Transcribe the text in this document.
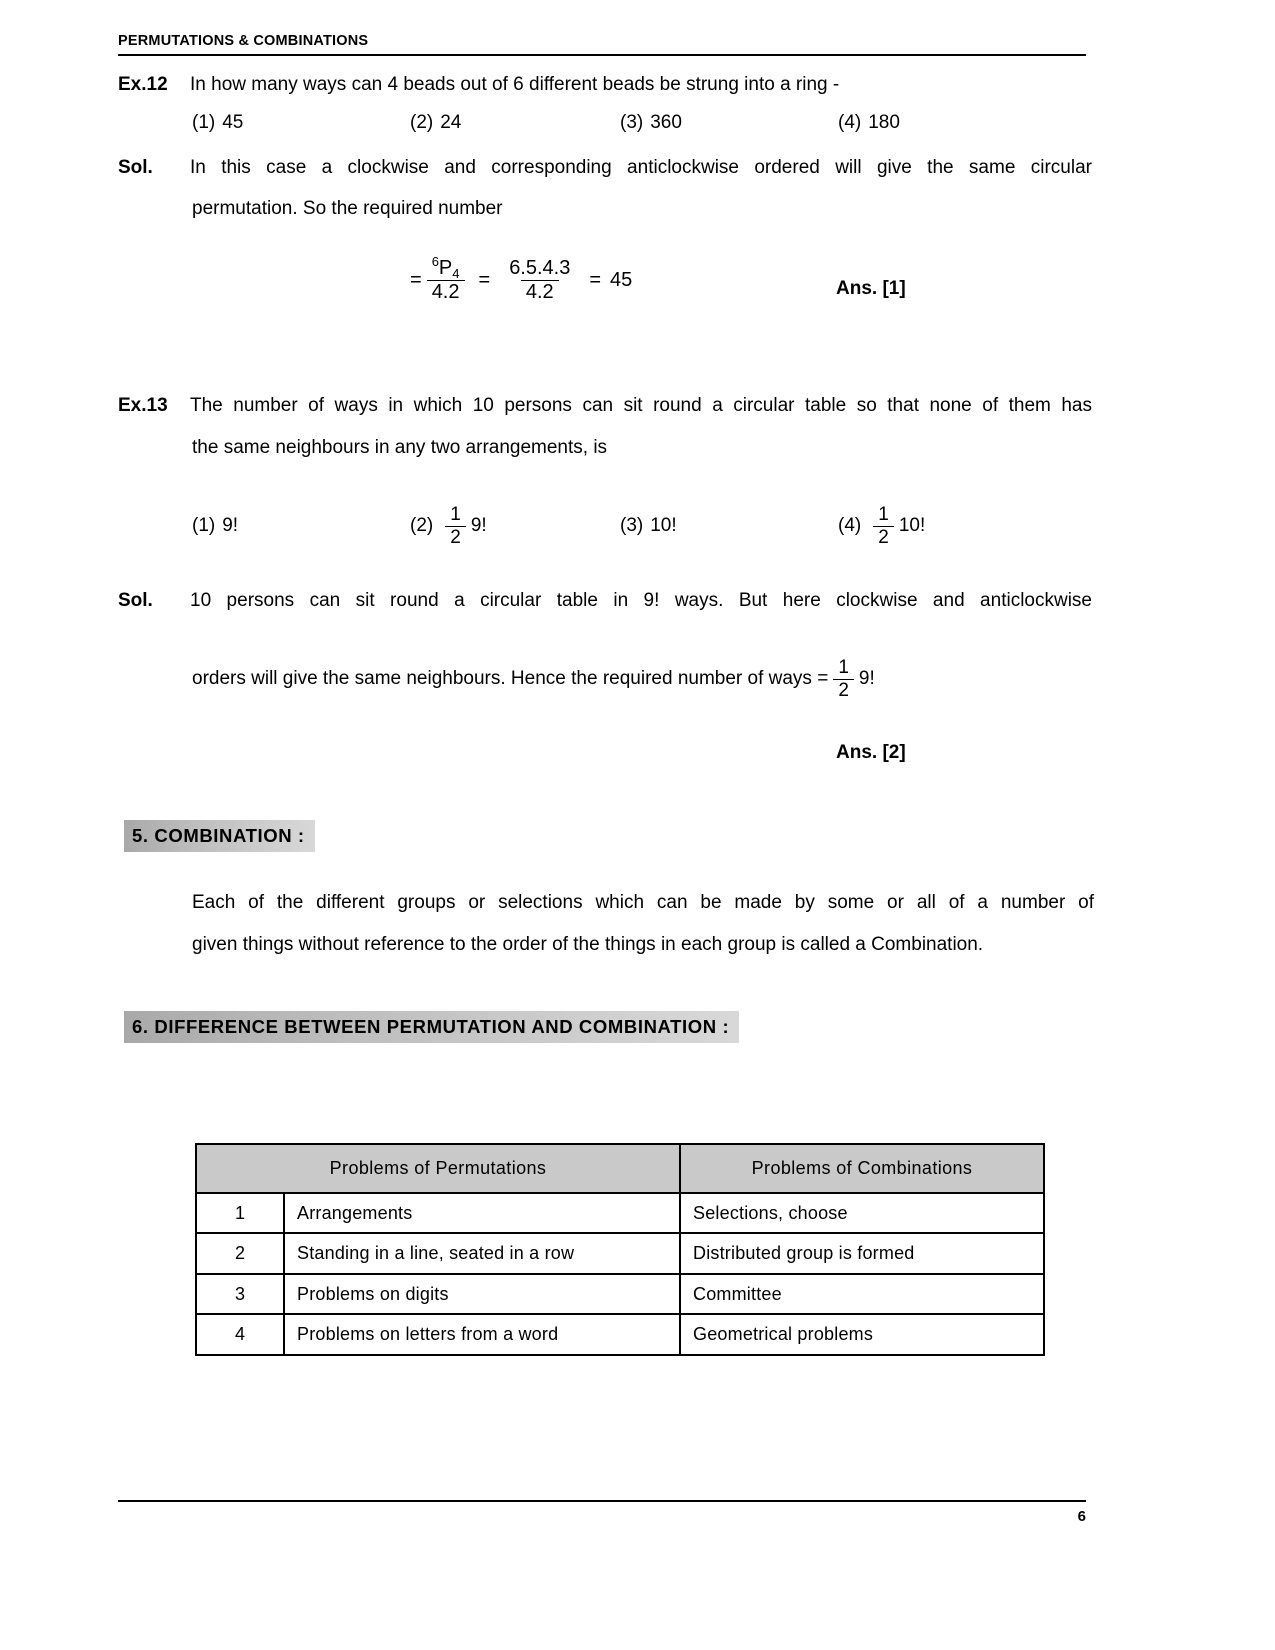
PERMUTATIONS & COMBINATIONS
Ex.12	In how many ways can 4 beads out of 6 different beads be strung into a ring -
(1) 45	(2) 24	(3) 360	(4) 180
Sol.	In this case a clockwise and corresponding anticlockwise ordered will give the same circular
permutation. So the required number
= $\frac{6 P 4}{4.2} = \frac{6.5.4.3}{4.2} = 45$	Ans. [1]
Ex.13	The number of ways in which 10 persons can sit round a circular table so that none of them has
the same neighbours in any two arrangements, is
(1) 9!	$(2) \frac{1}{2} 9$!	(3) 10!	$(4) \frac{1}{2} 10$!
Sol.	10 persons can sit round a circular table in 9! ways. But here clockwise and anticlockwise
orders will give the same neighbours. Hence the required number of ways = $\frac{1}{2} 9$!
Ans. [2]
5. COMBINATION :
Each of the different groups or selections which can be made by some or all of a number of
given things without reference to the order of the things in each group is called a Combination.
6. DIFFERENCE BETWEEN PERMUTATION AND COMBINATION :
Problems of Permutations		Problems of Combinations
1	Arrangements	Selections, choose
2	Standing in a line, seated in a row	Distributed group is formed
3	Problems on digits	Committee
4	Problems on letters from a word	Geometrical problems
6
